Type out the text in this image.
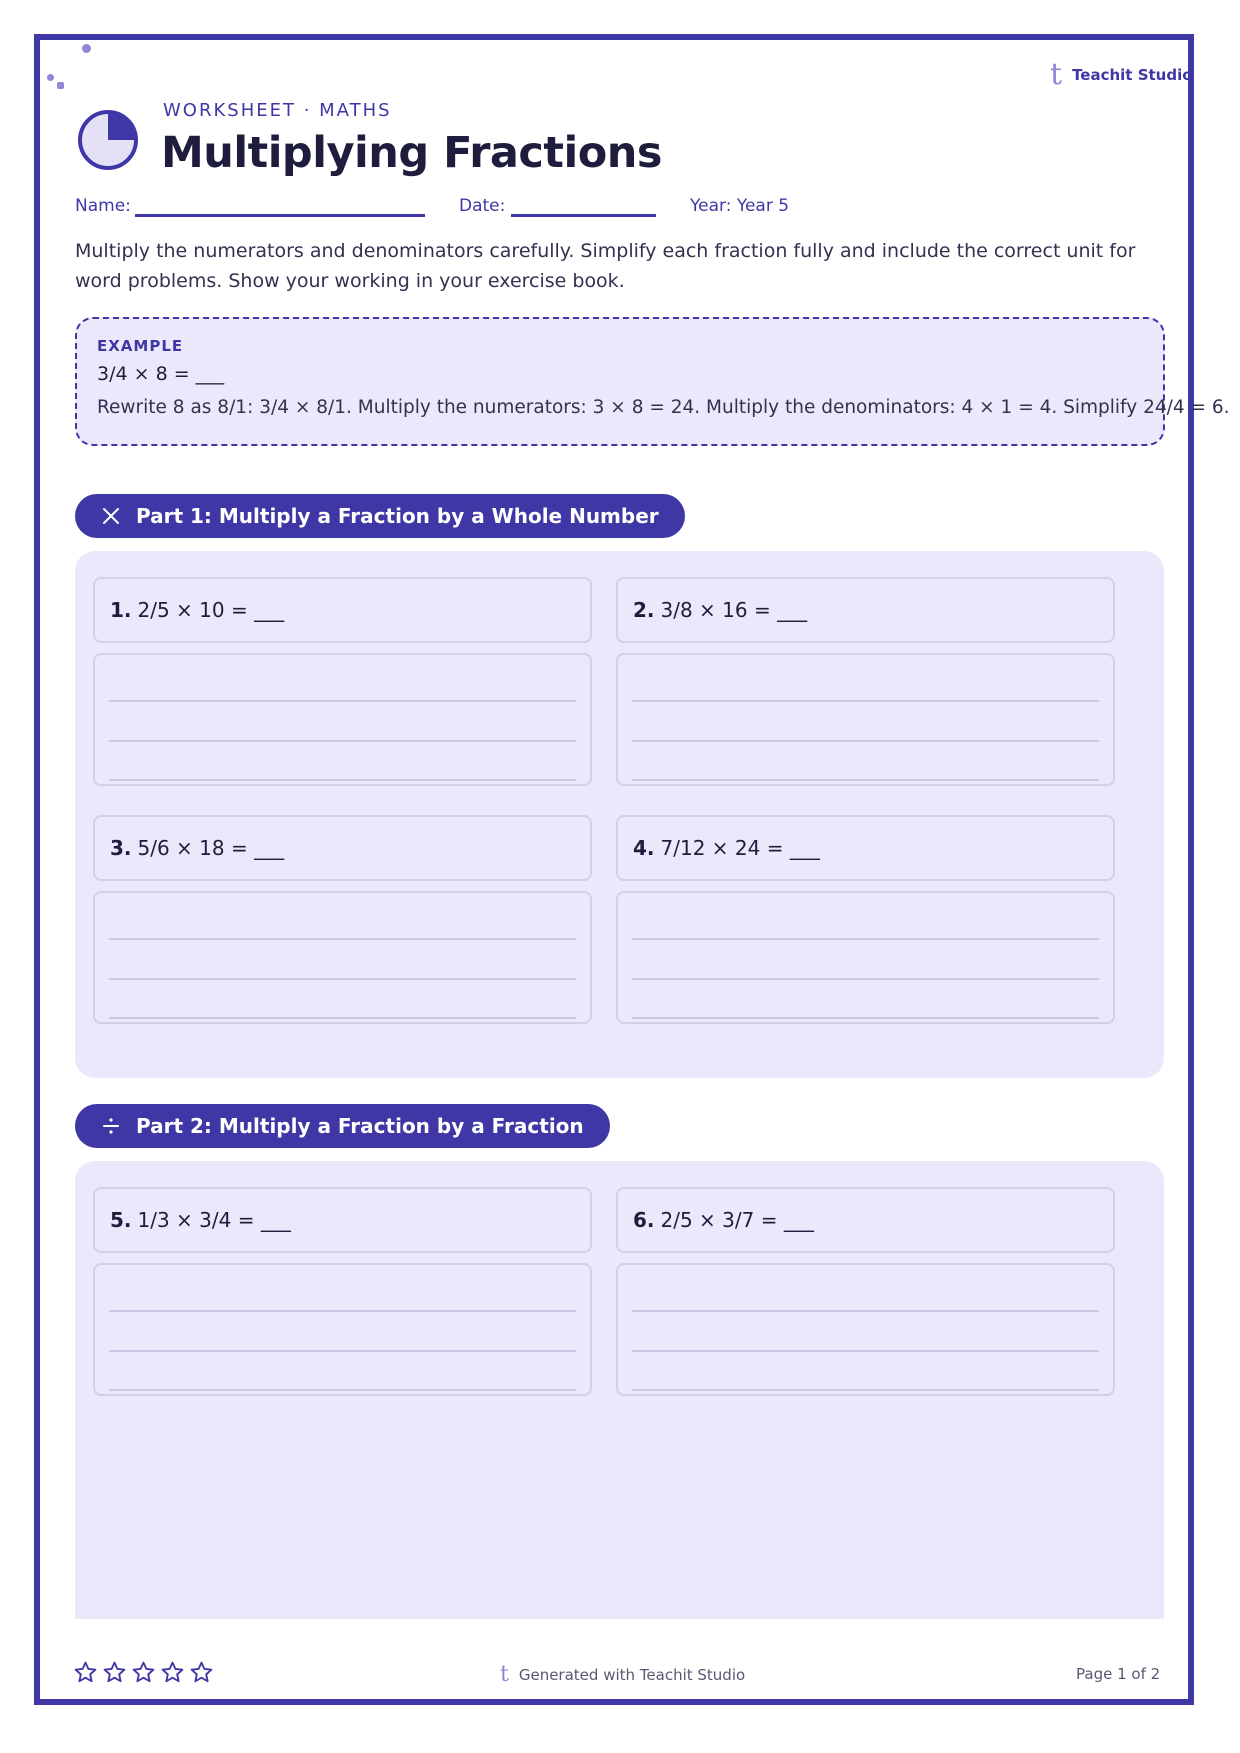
t Teachit Studio
WORKSHEET · MATHS
Multiplying Fractions
Name:	Date:	Year: Year 5
Multiply the numerators and denominators carefully. Simplify each fraction fully and include the correct unit for word problems. Show your working in your exercise book.
EXAMPLE
3/4 × 8 = ___
Rewrite 8 as 8/1: 3/4 × 8/1. Multiply the numerators: 3 × 8 = 24. Multiply the denominators: 4 × 1 = 4. Simplify 24/4 = 6.
Part 1: Multiply a Fraction by a Whole Number
1. 2/5 × 10 = ___	2. 3/8 × 16 = ___
3. 5/6 × 18 = ___	4. 7/12 × 24 = ___
Part 2: Multiply a Fraction by a Fraction
5. 1/3 × 3/4 = ___	6. 2/5 × 3/7 = ___
t Generated with Teachit Studio	Page 1 of 2
